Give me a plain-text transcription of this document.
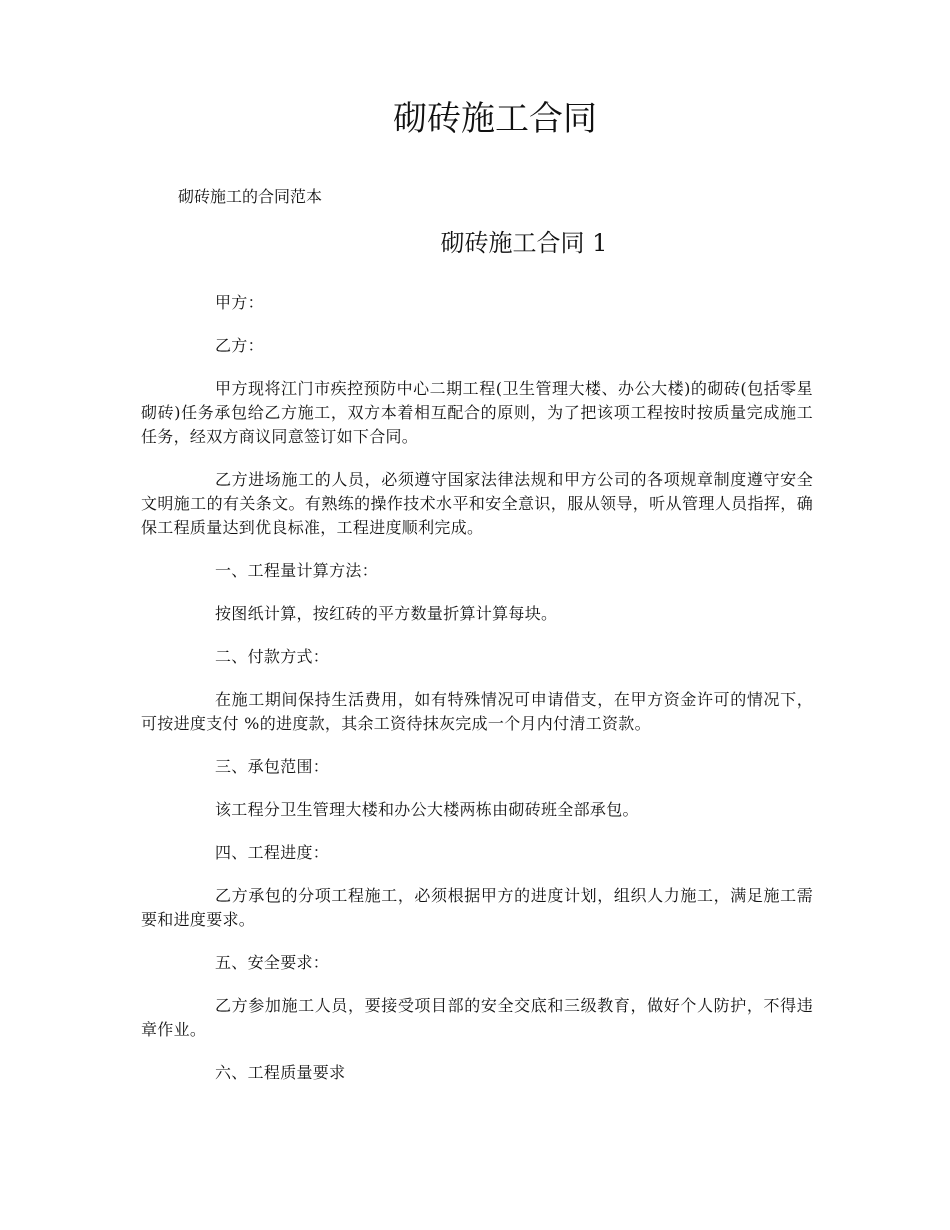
砌砖施工合同
砌砖施工的合同范本
砌砖施工合同 1

甲方：

乙方：

甲方现将江门市疾控预防中心二期工程(卫生管理大楼、办公大楼)的砌砖(包括零星砌砖)任务承包给乙方施工，双方本着相互配合的原则，为了把该项工程按时按质量完成施工任务，经双方商议同意签订如下合同。

乙方进场施工的人员，必须遵守国家法律法规和甲方公司的各项规章制度遵守安全文明施工的有关条文。有熟练的操作技术水平和安全意识，服从领导，听从管理人员指挥，确保工程质量达到优良标准，工程进度顺利完成。

一、工程量计算方法：

按图纸计算，按红砖的平方数量折算计算每块。

二、付款方式：

在施工期间保持生活费用，如有特殊情况可申请借支，在甲方资金许可的情况下，可按进度支付 %的进度款，其余工资待抹灰完成一个月内付清工资款。

三、承包范围：

该工程分卫生管理大楼和办公大楼两栋由砌砖班全部承包。

四、工程进度：

乙方承包的分项工程施工，必须根据甲方的进度计划，组织人力施工，满足施工需要和进度要求。

五、安全要求：

乙方参加施工人员，要接受项目部的安全交底和三级教育，做好个人防护，不得违章作业。

六、工程质量要求
